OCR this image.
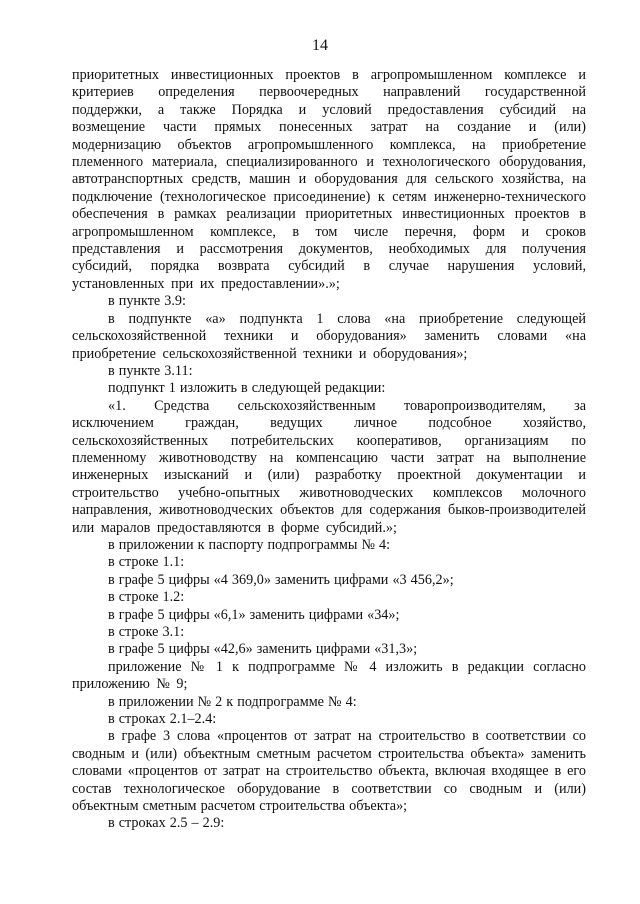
14

приоритетных инвестиционных проектов в агропромышленном комплексе и критериев определения первоочередных направлений государственной поддержки, а также Порядка и условий предоставления субсидий на возмещение части прямых понесенных затрат на создание и (или) модернизацию объектов агропромышленного комплекса, на приобретение племенного материала, специализированного и технологического оборудования, автотранспортных средств, машин и оборудования для сельского хозяйства, на подключение (технологическое присоединение) к сетям инженерно-технического обеспечения в рамках реализации приоритетных инвестиционных проектов в агропромышленном комплексе, в том числе перечня, форм и сроков представления и рассмотрения документов, необходимых для получения субсидий, порядка возврата субсидий в случае нарушения условий, установленных при их предоставлении».»;

в пункте 3.9:

в подпункте «а» подпункта 1 слова «на приобретение следующей сельскохозяйственной техники и оборудования» заменить словами «на приобретение сельскохозяйственной техники и оборудования»;

в пункте 3.11:

подпункт 1 изложить в следующей редакции:

«1. Средства сельскохозяйственным товаропроизводителям, за исключением граждан, ведущих личное подсобное хозяйство, сельскохозяйственных потребительских кооперативов, организациям по племенному животноводству на компенсацию части затрат на выполнение инженерных изысканий и (или) разработку проектной документации и строительство учебно-опытных животноводческих комплексов молочного направления, животноводческих объектов для содержания быков-производителей или маралов предоставляются в форме субсидий.»;

в приложении к паспорту подпрограммы № 4:

в строке 1.1:

в графе 5 цифры «4 369,0» заменить цифрами «3 456,2»;

в строке 1.2:

в графе 5 цифры «6,1» заменить цифрами «34»;

в строке 3.1:

в графе 5 цифры «42,6» заменить цифрами «31,3»;

приложение № 1 к подпрограмме № 4 изложить в редакции согласно приложению № 9;

в приложении № 2 к подпрограмме № 4:

в строках 2.1–2.4:

в графе 3 слова «процентов от затрат на строительство в соответствии со сводным и (или) объектным сметным расчетом строительства объекта» заменить словами «процентов от затрат на строительство объекта, включая входящее в его состав технологическое оборудование в соответствии со сводным и (или) объектным сметным расчетом строительства объекта»;

в строках 2.5 – 2.9:
